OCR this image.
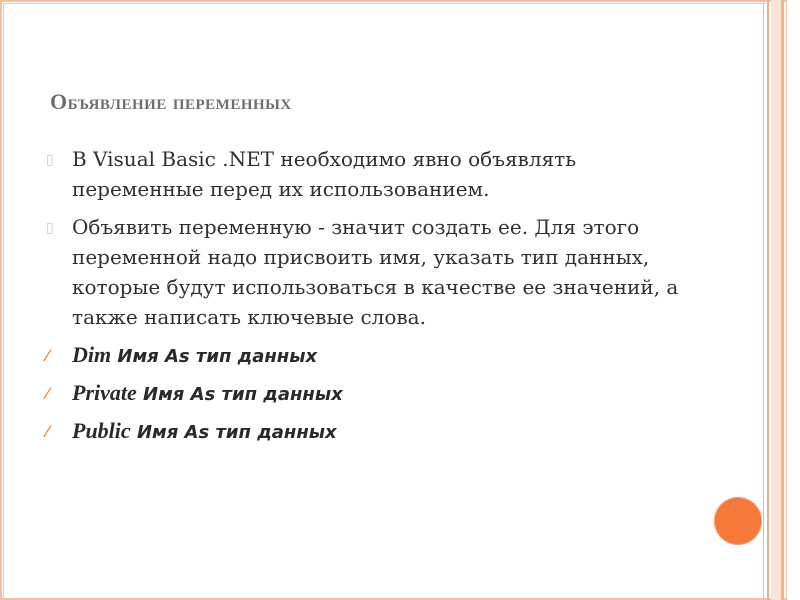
Объявление переменных
▯ В Visual Basic .NET необходимо явно объявлять переменные перед их использованием.
▯ Объявить переменную - значит создать ее. Для этого переменной надо присвоить имя, указать тип данных, которые будут использоваться в качестве ее значений, а также написать ключевые слова.
⁄	Dim Имя As тип данных
⁄	Private Имя As тип данных
⁄	Public Имя As тип данных
